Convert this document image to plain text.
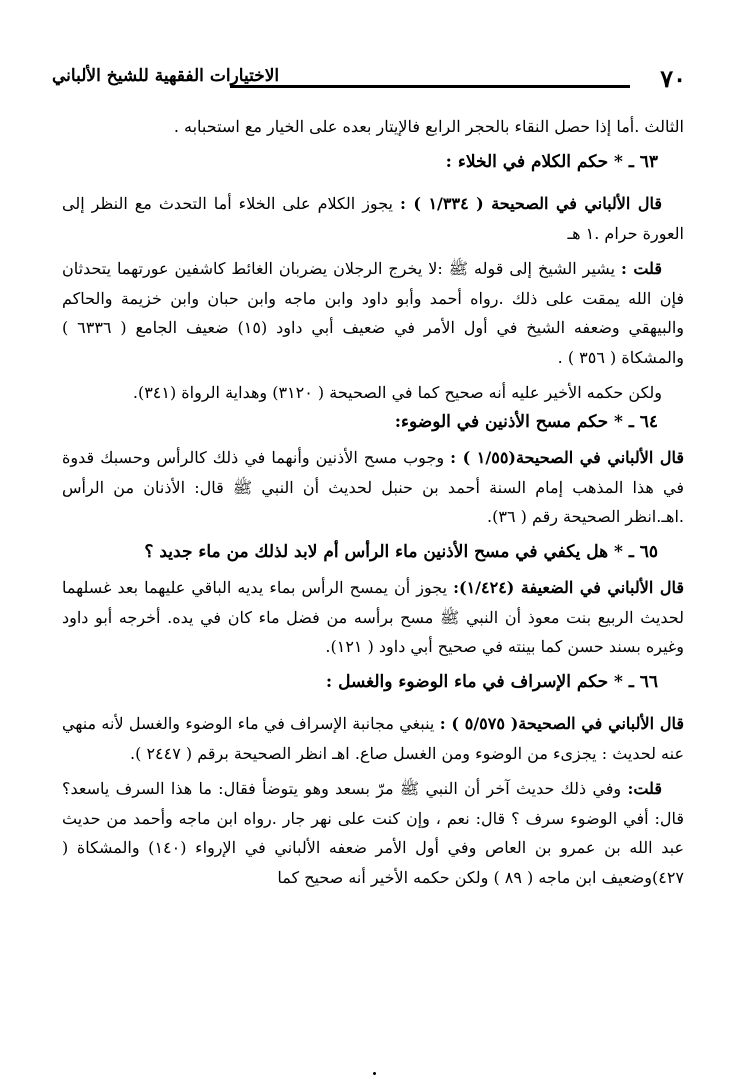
٧٠
الاختيارات الفقهية للشيخ الألباني

الثالث .أما إذا حصل النقاء بالحجر الرابع فالإيتار بعده على الخيار مع استحبابه .

٦٣ ـ * حكم الكلام في الخلاء :

قال الألباني في الصحيحة ( ١/٣٣٤ ) : يجوز الكلام على الخلاء أما التحدث مع النظر إلى العورة حرام .١ هـ

قلت : يشير الشيخ إلى قوله ﷺ :لا يخرج الرجلان يضربان الغائط كاشفين عورتهما يتحدثان فإن الله يمقت على ذلك .رواه أحمد وأبو داود وابن ماجه وابن حبان وابن خزيمة والحاكم والبيهقي وضعفه الشيخ في أول الأمر في ضعيف أبي داود (١٥) ضعيف الجامع ( ٦٣٣٦ ) والمشكاة ( ٣٥٦ ) .

ولكن حكمه الأخير عليه أنه صحيح كما في الصحيحة ( ٣١٢٠) وهداية الرواة (٣٤١).

٦٤ ـ * حكم مسح الأذنين في الوضوء:

قال الألباني في الصحيحة(١/٥٥ ) : وجوب مسح الأذنين وأنهما في ذلك كالرأس وحسبك قدوة في هذا المذهب إمام السنة أحمد بن حنبل لحديث أن النبي ﷺ قال: الأذنان من الرأس .اهـ.انظر الصحيحة رقم ( ٣٦).

٦٥ ـ * هل يكفي في مسح الأذنين ماء الرأس أم لابد لذلك من ماء جديد ؟

قال الألباني في الضعيفة (١/٤٢٤): يجوز أن يمسح الرأس بماء يديه الباقي عليهما بعد غسلهما لحديث الربيع بنت معوذ أن النبي ﷺ مسح برأسه من فضل ماء كان في يده. أخرجه أبو داود وغيره بسند حسن كما بينته في صحيح أبي داود ( ١٢١).

٦٦ ـ * حكم الإسراف في ماء الوضوء والغسل :

قال الألباني في الصحيحة( ٥/٥٧٥ ) : ينبغي مجانبة الإسراف في ماء الوضوء والغسل لأنه منهي عنه لحديث : يجزىء من الوضوء ومن الغسل صاع. اهـ انظر الصحيحة برقم ( ٢٤٤٧ ).

قلت: وفي ذلك حديث آخر أن النبي ﷺ مرّ بسعد وهو يتوضأ فقال: ما هذا السرف ياسعد؟ قال: أفي الوضوء سرف ؟ قال: نعم ، وإن كنت على نهر جار .رواه ابن ماجه وأحمد من حديث عبد الله بن عمرو بن العاص وفي أول الأمر ضعفه الألباني في الإرواء (١٤٠) والمشكاة ( ٤٢٧)وضعيف ابن ماجه ( ٨٩ ) ولكن حكمه الأخير أنه صحيح كما
